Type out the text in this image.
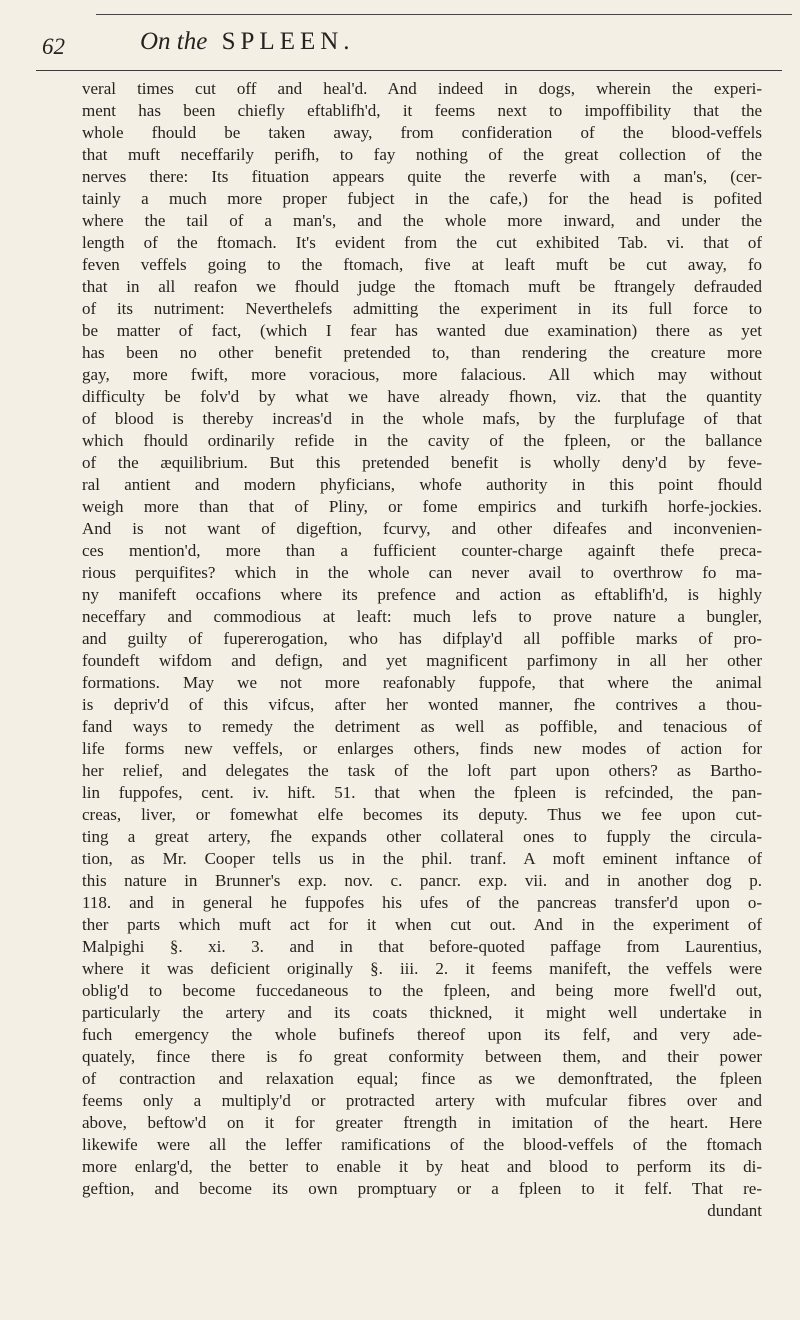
62	On the SPLEEN.
veral times cut off and heal'd. And indeed in dogs, wherein the experi-
ment has been chiefly eftablifh'd, it feems next to impoffibility that the
whole fhould be taken away, from confideration of the blood-veffels
that muft neceffarily perifh, to fay nothing of the great collection of the
nerves there: Its fituation appears quite the reverfe with a man's, (cer-
tainly a much more proper fubject in the cafe,) for the head is pofited
where the tail of a man's, and the whole more inward, and under the
length of the ftomach. It's evident from the cut exhibited Tab. vi. that of
feven veffels going to the ftomach, five at leaft muft be cut away, fo
that in all reafon we fhould judge the ftomach muft be ftrangely defrauded
of its nutriment: Neverthelefs admitting the experiment in its full force to
be matter of fact, (which I fear has wanted due examination) there as yet
has been no other benefit pretended to, than rendering the creature more
gay, more fwift, more voracious, more falacious. All which may without
difficulty be folv'd by what we have already fhown, viz. that the quantity
of blood is thereby increas'd in the whole mafs, by the furplufage of that
which fhould ordinarily refide in the cavity of the fpleen, or the ballance
of the æquilibrium. But this pretended benefit is wholly deny'd by feve-
ral antient and modern phyficians, whofe authority in this point fhould
weigh more than that of Pliny, or fome empirics and turkifh horfe-jockies.
And is not want of digeftion, fcurvy, and other difeafes and inconvenien-
ces mention'd, more than a fufficient counter-charge againft thefe preca-
rious perquifites? which in the whole can never avail to overthrow fo ma-
ny manifeft occafions where its prefence and action as eftablifh'd, is highly
neceffary and commodious at leaft: much lefs to prove nature a bungler,
and guilty of fupererogation, who has difplay'd all poffible marks of pro-
foundeft wifdom and defign, and yet magnificent parfimony in all her other
formations. May we not more reafonably fuppofe, that where the animal
is depriv'd of this vifcus, after her wonted manner, fhe contrives a thou-
fand ways to remedy the detriment as well as poffible, and tenacious of
life forms new veffels, or enlarges others, finds new modes of action for
her relief, and delegates the task of the loft part upon others? as Bartho-
lin fuppofes, cent. iv. hift. 51. that when the fpleen is refcinded, the pan-
creas, liver, or fomewhat elfe becomes its deputy. Thus we fee upon cut-
ting a great artery, fhe expands other collateral ones to fupply the circula-
tion, as Mr. Cooper tells us in the phil. tranf. A moft eminent inftance of
this nature in Brunner's exp. nov. c. pancr. exp. vii. and in another dog p.
118. and in general he fuppofes his ufes of the pancreas transfer'd upon o-
ther parts which muft act for it when cut out. And in the experiment of
Malpighi §. xi. 3. and in that before-quoted paffage from Laurentius,
where it was deficient originally §. iii. 2. it feems manifeft, the veffels were
oblig'd to become fuccedaneous to the fpleen, and being more fwell'd out,
particularly the artery and its coats thickned, it might well undertake in
fuch emergency the whole bufinefs thereof upon its felf, and very ade-
quately, fince there is fo great conformity between them, and their power
of contraction and relaxation equal; fince as we demonftrated, the fpleen
feems only a multiply'd or protracted artery with mufcular fibres over and
above, beftow'd on it for greater ftrength in imitation of the heart. Here
likewife were all the leffer ramifications of the blood-veffels of the ftomach
more enlarg'd, the better to enable it by heat and blood to perform its di-
geftion, and become its own promptuary or a fpleen to it felf. That re-
dundant
